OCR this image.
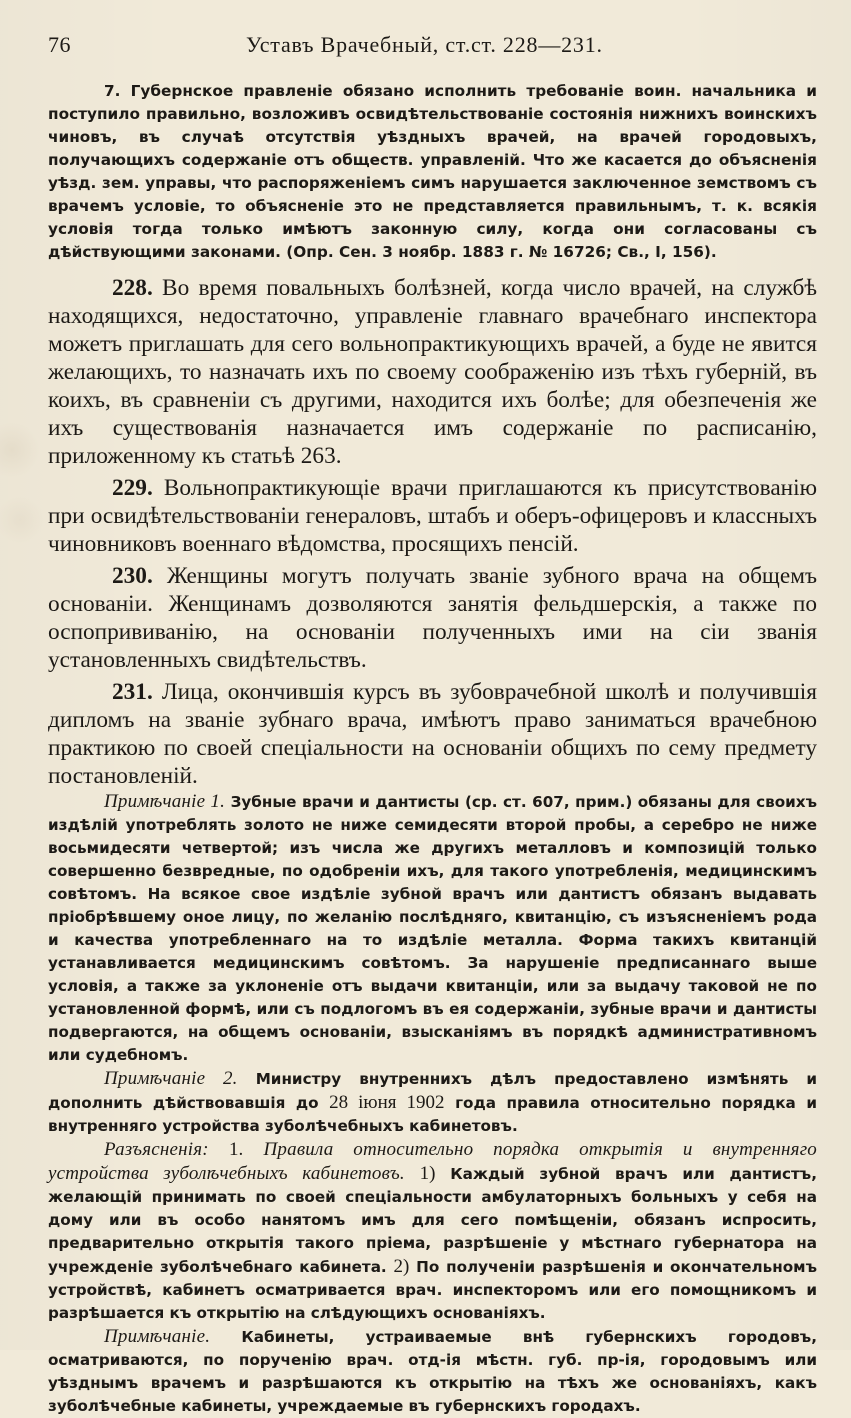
76	Уставъ Врачебный, ст.ст. 228—231.

7. Губернское правленіе обязано исполнить требованіе воин. начальника и поступило правильно, возложивъ освидѣтельствованіе состоянія нижнихъ воинскихъ чиновъ, въ случаѣ отсутствія уѣздныхъ врачей, на врачей городовыхъ, получающихъ содержаніе отъ обществ. управленій. Что же касается до объясненія уѣзд. зем. управы, что распоряженіемъ симъ нарушается заключенное земствомъ съ врачемъ условіе, то объясненіе это не представляется правильнымъ, т. к. всякія условія тогда только имѣютъ законную силу, когда они согласованы съ дѣйствующими законами. (Опр. Сен. 3 ноябр. 1883 г. № 16726; Св., I, 156).

228. Во время повальныхъ болѣзней, когда число врачей, на службѣ находящихся, недостаточно, управленіе главнаго врачебнаго инспектора можетъ приглашать для сего вольнопрактикующихъ врачей, а буде не явится желающихъ, то назначать ихъ по своему соображенію изъ тѣхъ губерній, въ коихъ, въ сравненіи съ другими, находится ихъ болѣе; для обезпеченія же ихъ существованія назначается имъ содержаніе по расписанію, приложенному къ статьѣ 263.

229. Вольнопрактикующіе врачи приглашаются къ присутствованію при освидѣтельствованіи генераловъ, штабъ и оберъ-офицеровъ и классныхъ чиновниковъ военнаго вѣдомства, просящихъ пенсій.

230. Женщины могутъ получать званіе зубного врача на общемъ основаніи. Женщинамъ дозволяются занятія фельдшерскія, а также по оспопрививанію, на основаніи полученныхъ ими на сіи званія установленныхъ свидѣтельствъ.

231. Лица, окончившія курсъ въ зубоврачебной школѣ и получившія дипломъ на званіе зубнаго врача, имѣютъ право заниматься врачебною практикою по своей спеціальности на основаніи общихъ по сему предмету постановленій.

Примѣчаніе 1. Зубные врачи и дантисты (ср. ст. 607, прим.) обязаны для своихъ издѣлій употреблять золото не ниже семидесяти второй пробы, а серебро не ниже восьмидесяти четвертой; изъ числа же другихъ металловъ и композицій только совершенно безвредные, по одобреніи ихъ, для такого употребленія, медицинскимъ совѣтомъ. На всякое свое издѣліе зубной врачъ или дантистъ обязанъ выдавать пріобрѣвшему оное лицу, по желанію послѣдняго, квитанцію, съ изъясненіемъ рода и качества употребленнаго на то издѣліе металла. Форма такихъ квитанцій устанавливается медицинскимъ совѣтомъ. За нарушеніе предписаннаго выше условія, а также за уклоненіе отъ выдачи квитанціи, или за выдачу таковой не по установленной формѣ, или съ подлогомъ въ ея содержаніи, зубные врачи и дантисты подвергаются, на общемъ основаніи, взысканіямъ въ порядкѣ административномъ или судебномъ.

Примѣчаніе 2. Министру внутреннихъ дѣлъ предоставлено измѣнять и дополнить дѣйствовавшія до 28 іюня 1902 года правила относительно порядка и внутренняго устройства зуболѣчебныхъ кабинетовъ.

Разъясненія: 1. Правила относительно порядка открытія и внутренняго устройства зуболѣчебныхъ кабинетовъ. 1) Каждый зубной врачъ или дантистъ, желающій принимать по своей спеціальности амбулаторныхъ больныхъ у себя на дому или въ особо нанятомъ имъ для сего помѣщеніи, обязанъ испросить, предварительно открытія такого пріема, разрѣшеніе у мѣстнаго губернатора на учрежденіе зуболѣчебнаго кабинета. 2) По полученіи разрѣшенія и окончательномъ устройствѣ, кабинетъ осматривается врач. инспекторомъ или его помощникомъ и разрѣшается къ открытію на слѣдующихъ основаніяхъ.

Примѣчаніе. Кабинеты, устраиваемые внѣ губернскихъ городовъ, осматриваются, по порученію врач. отд-ія мѣстн. губ. пр-ія, городовымъ или уѣзднымъ врачемъ и разрѣшаются къ открытію на тѣхъ же основаніяхъ, какъ зуболѣчебные кабинеты, учреждаемые въ губернскихъ городахъ.
